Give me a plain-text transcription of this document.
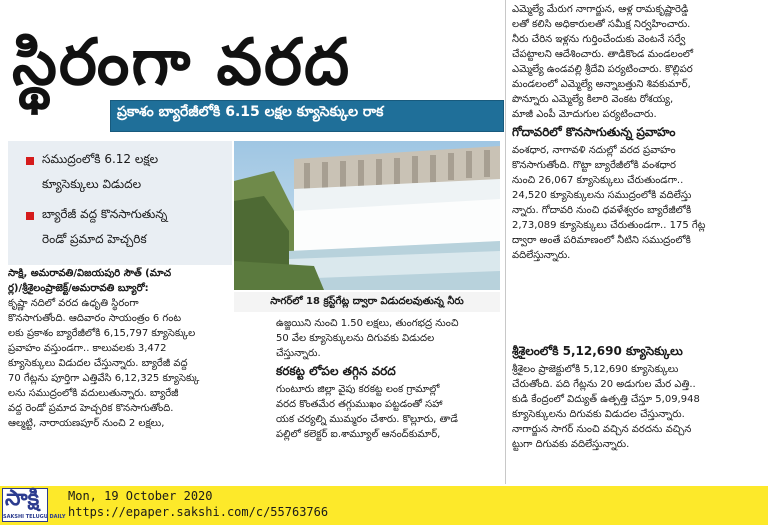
స్థిరంగా వరద
ప్రకాశం బ్యారేజీలోకి 6.15 లక్షల క్యూసెక్కుల రాక
సముద్రంలోకి 6.12 లక్షల
క్యూసెక్కులు విడుదల
బ్యారేజీ వద్ద కొనసాగుతున్న
రెండో ప్రమాద హెచ్చరిక
సాగర్‌లో 18 క్రస్ట్‌గేట్ల ద్వారా విడుదలవుతున్న నీరు
సాక్షి, అమరావతి/విజయపురి సౌత్ (మాచ
ర్ల)/శ్రీశైలంప్రాజెక్ట్/అమరావతి బ్యూరో:
కృష్ణా నదిలో వరద ఉధృతి స్థిరంగా
కొనసాగుతోంది. ఆదివారం సాయంత్రం 6 గంట
లకు ప్రకాశం బ్యారేజీలోకి 6,15,797 క్యూసెక్కుల
ప్రవాహం వస్తుండగా.. కాలువలకు 3,472
క్యూసెక్కులు విడుదల చేస్తున్నారు. బ్యారేజీ వద్ద
70 గేట్లను పూర్తిగా ఎత్తివేసి 6,12,325 క్యూసెక్కు
లను సముద్రంలోకి వదులుతున్నారు. బ్యారేజీ
వద్ద రెండో ప్రమాద హెచ్చరిక కొనసాగుతోంది.
ఆల్మట్టి, నారాయణపూర్ నుంచి 2 లక్షలు,
ఉజ్జయిని నుంచి 1.50 లక్షలు, తుంగభద్ర నుంచి
50 వేల క్యూసెక్కులను దిగువకు విడుదల
చేస్తున్నారు.
కరకట్ట లోపల తగ్గిన వరద
గుంటూరు జిల్లా వైపు కరకట్ట లంక గ్రామాల్లో
వరద కొంతమేర తగ్గుముఖం పట్టడంతో సహా
యక చర్యల్ని ముమ్మరం చేశారు. కొల్లూరు, తాడే
పల్లిలో కలెక్టర్ ఐ.శామ్యూల్ ఆనంద్‌కుమార్,
ఎమ్మెల్యే మేరుగ నాగార్జున, ఆళ్ల రామకృష్ణారెడ్డి
లతో కలిసి అధికారులతో సమీక్ష నిర్వహించారు.
నీరు చేరిన ఇళ్లను గుర్తించేందుకు వెంటనే సర్వే
చేపట్టాలని ఆదేశించారు. తాడికొండ మండలంలో
ఎమ్మెల్యే ఉండవల్లి శ్రీదేవి పర్యటించారు. కొల్లిపర
మండలంలో ఎమ్మెల్యే అన్నాబత్తుని శివకుమార్,
పొన్నూరు ఎమ్మెల్యే కిలారి వెంకట రోశయ్య,
మాజీ ఎంపీ మోదుగుల పర్యటించారు.
గోదావరిలో కొనసాగుతున్న ప్రవాహం
వంశధార, నాగావళి నదుల్లో వరద ప్రవాహం
కొనసాగుతోంది. గొట్టా బ్యారేజీలోకి వంశధార
నుంచి 26,067 క్యూసెక్కులు చేరుతుండగా..
24,520 క్యూసెక్కులను సముద్రంలోకి వదిలేస్తు
న్నారు. గోదావరి నుంచి ధవళేశ్వరం బ్యారేజీలోకి
2,73,089 క్యూసెక్కులు చేరుతుండగా.. 175 గేట్ల
ద్వారా అంతే పరిమాణంలో నీటిని సముద్రంలోకి
వదిలేస్తున్నారు.
శ్రీశైలంలోకి 5,12,690 క్యూసెక్కులు
శ్రీశైలం ప్రాజెక్టులోకి 5,12,690 క్యూసెక్కులు
చేరుతోంది. పది గేట్లను 20 అడుగుల మేర ఎత్తి..
కుడి కేంద్రంలో విద్యుత్ ఉత్పత్తి చేస్తూ 5,09,948
క్యూసెక్కులను దిగువకు విడుదల చేస్తున్నారు.
నాగార్జున సాగర్ నుంచి వచ్చిన వరదను వచ్చిన
ట్టుగా దిగువకు వదిలేస్తున్నారు.
సాక్షి
SAKSHI TELUGU DAILY
Mon, 19 October 2020
https://epaper.sakshi.com/c/55763766
